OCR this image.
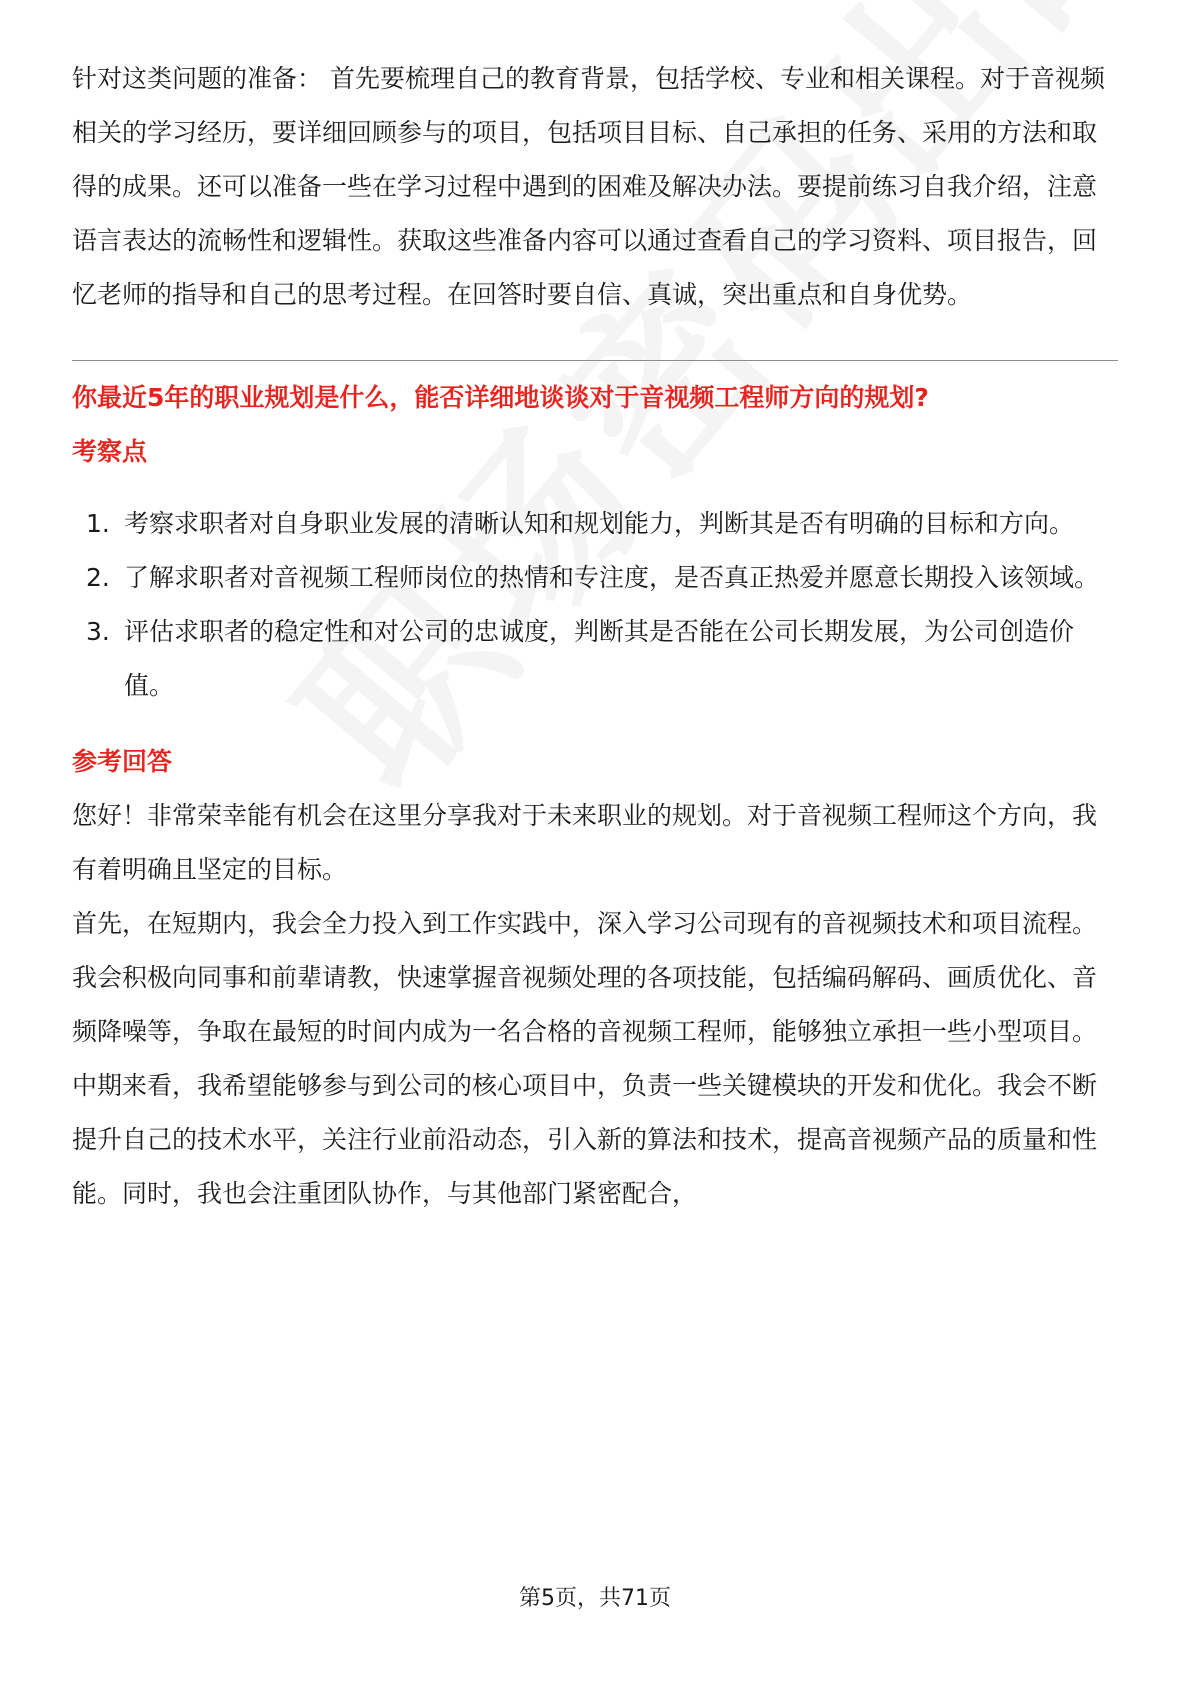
针对这类问题的准备： 首先要梳理自己的教育背景，包括学校、专业和相关课程。对于音视频相关的学习经历，要详细回顾参与的项目，包括项目目标、自己承担的任务、采用的方法和取得的成果。还可以准备一些在学习过程中遇到的困难及解决办法。要提前练习自我介绍，注意语言表达的流畅性和逻辑性。获取这些准备内容可以通过查看自己的学习资料、项目报告，回忆老师的指导和自己的思考过程。在回答时要自信、真诚，突出重点和自身优势。

你最近5年的职业规划是什么，能否详细地谈谈对于音视频工程师方向的规划?
考察点
1. 考察求职者对自身职业发展的清晰认知和规划能力，判断其是否有明确的目标和方向。
2. 了解求职者对音视频工程师岗位的热情和专注度，是否真正热爱并愿意长期投入该领域。
3. 评估求职者的稳定性和对公司的忠诚度，判断其是否能在公司长期发展，为公司创造价值。
参考回答

您好！非常荣幸能有机会在这里分享我对于未来职业的规划。对于音视频工程师这个方向，我有着明确且坚定的目标。

首先，在短期内，我会全力投入到工作实践中，深入学习公司现有的音视频技术和项目流程。我会积极向同事和前辈请教，快速掌握音视频处理的各项技能，包括编码解码、画质优化、音频降噪等，争取在最短的时间内成为一名合格的音视频工程师，能够独立承担一些小型项目。

中期来看，我希望能够参与到公司的核心项目中，负责一些关键模块的开发和优化。我会不断提升自己的技术水平，关注行业前沿动态，引入新的算法和技术，提高音视频产品的质量和性能。同时，我也会注重团队协作，与其他部门紧密配合，

第5页，共71页
